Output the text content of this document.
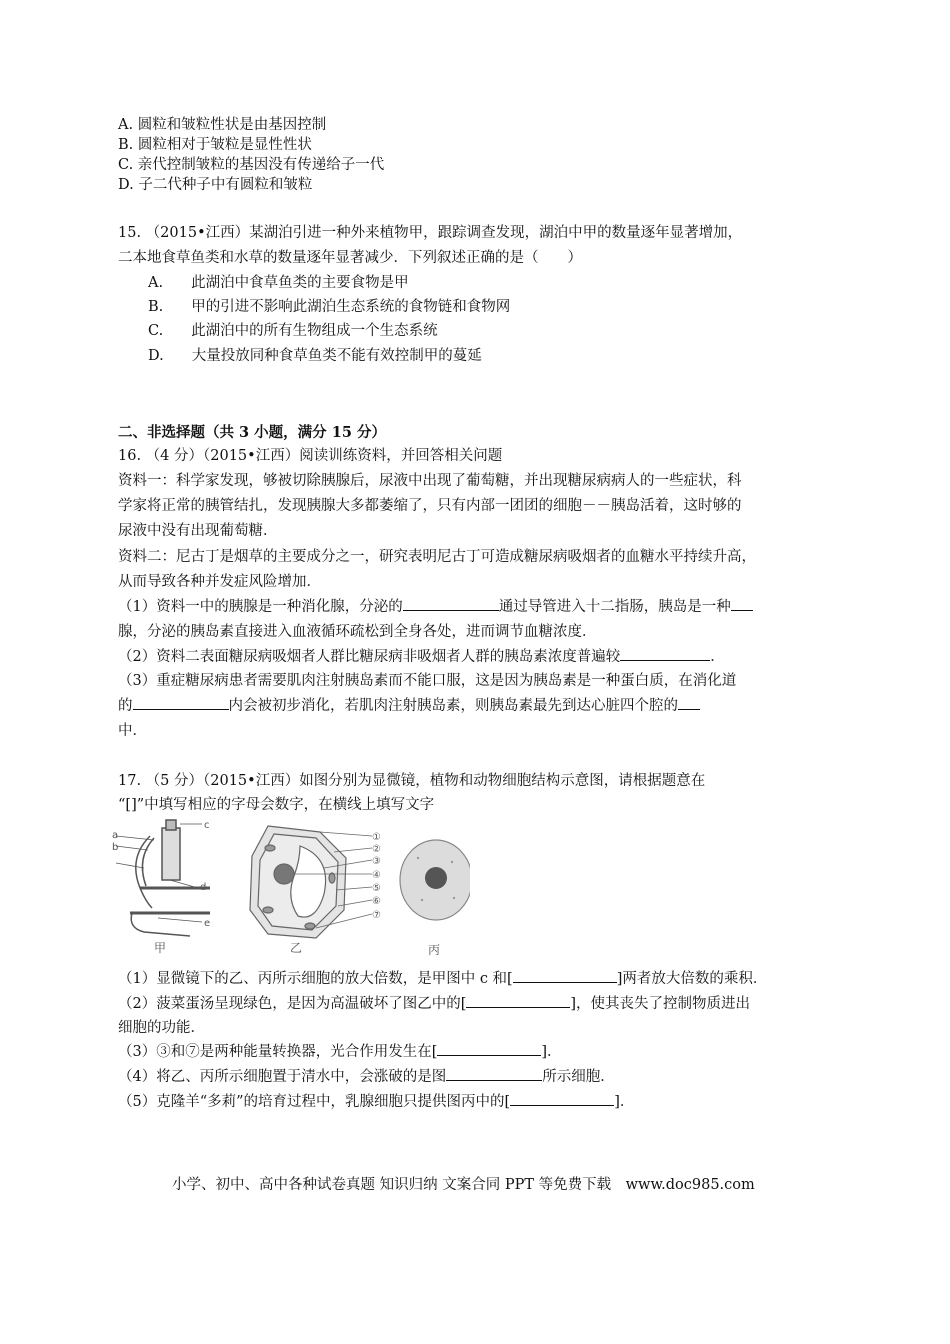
A. 圆粒和皱粒性状是由基因控制
B. 圆粒相对于皱粒是显性性状
C. 亲代控制皱粒的基因没有传递给子一代
D. 子二代种子中有圆粒和皱粒
15. （2015•江西）某湖泊引进一种外来植物甲，跟踪调查发现，湖泊中甲的数量逐年显著增加，
二本地食草鱼类和水草的数量逐年显著减少．下列叙述正确的是（　　）
A. 此湖泊中食草鱼类的主要食物是甲
B. 甲的引进不影响此湖泊生态系统的食物链和食物网
C. 此湖泊中的所有生物组成一个生态系统
D. 大量投放同种食草鱼类不能有效控制甲的蔓延
二、非选择题（共 3 小题，满分 15 分）
16. （4 分）（2015•江西）阅读训练资料，并回答相关问题
资料一：科学家发现，够被切除胰腺后，尿液中出现了葡萄糖，并出现糖尿病病人的一些症状，科
学家将正常的胰管结扎，发现胰腺大多都萎缩了，只有内部一团团的细胞－－胰岛活着，这时够的
尿液中没有出现葡萄糖．
资料二：尼古丁是烟草的主要成分之一，研究表明尼古丁可造成糖尿病吸烟者的血糖水平持续升高，
从而导致各种并发症风险增加．
（1）资料一中的胰腺是一种消化腺，分泌的	通过导管进入十二指肠，胰岛是一种
腺，分泌的胰岛素直接进入血液循环疏松到全身各处，进而调节血糖浓度．
（2）资料二表面糖尿病吸烟者人群比糖尿病非吸烟者人群的胰岛素浓度普遍较	．
（3）重症糖尿病患者需要肌肉注射胰岛素而不能口服，这是因为胰岛素是一种蛋白质，在消化道
的	内会被初步消化，若肌肉注射胰岛素，则胰岛素最先到达心脏四个腔的
中．
17. （5 分）（2015•江西）如图分别为显微镜，植物和动物细胞结构示意图，请根据题意在
“[]”中填写相应的字母会数字，在横线上填写文字
a
b
c
d
e
甲
①
②
③
④
⑤
⑥
⑦
乙	丙
（1）显微镜下的乙、丙所示细胞的放大倍数，是甲图中 c 和[	]两者放大倍数的乘积．
（2）菠菜蛋汤呈现绿色，是因为高温破坏了图乙中的[	]，使其丧失了控制物质进出
细胞的功能．
（3）③和⑦是两种能量转换器，光合作用发生在[	]．
（4）将乙、丙所示细胞置于清水中，会涨破的是图	所示细胞．
（5）克隆羊“多莉”的培育过程中，乳腺细胞只提供图丙中的[	]．
小学、初中、高中各种试卷真题 知识归纳 文案合同 PPT 等免费下载　www.doc985.com
